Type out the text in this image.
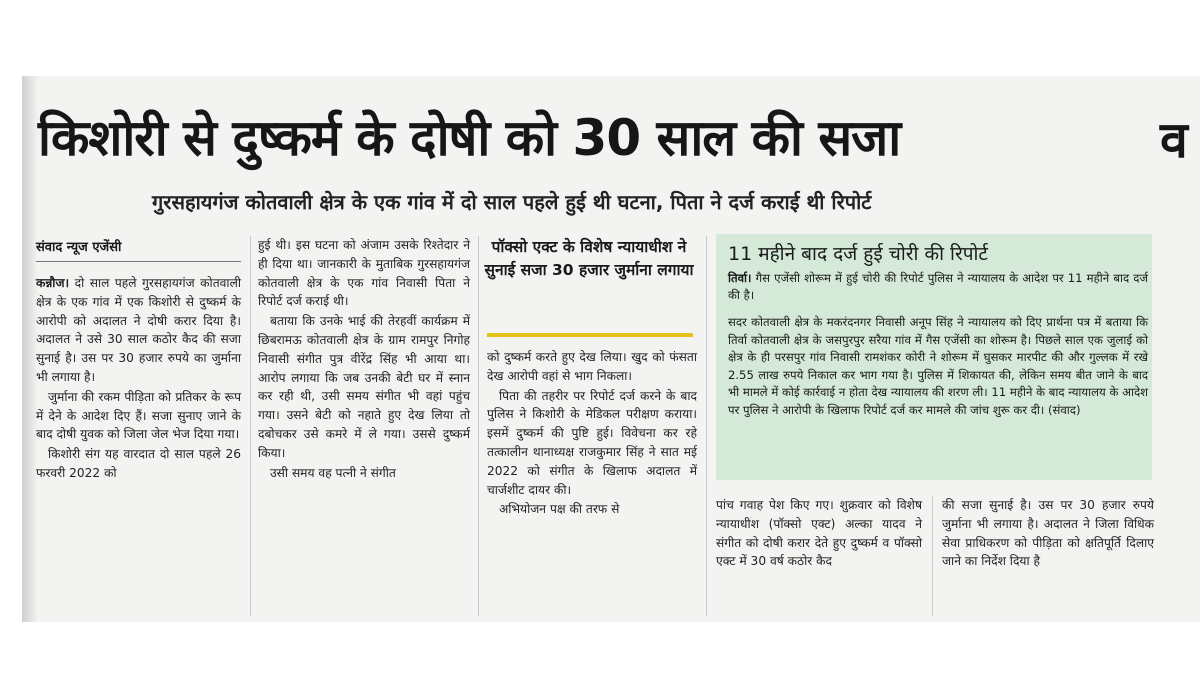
किशोरी से दुष्कर्म के दोषी को 30 साल की सजा	व
गुरसहायगंज कोतवाली क्षेत्र के एक गांव में दो साल पहले हुई थी घटना, पिता ने दर्ज कराई थी रिपोर्ट
संवाद न्यूज एजेंसी

कन्नौज। दो साल पहले गुरसहायगंज कोतवाली क्षेत्र के एक गांव में एक किशोरी से दुष्कर्म के आरोपी को अदालत ने दोषी करार दिया है। अदालत ने उसे 30 साल कठोर कैद की सजा सुनाई है। उस पर 30 हजार रुपये का जुर्माना भी लगाया है।

जुर्माना की रकम पीड़िता को प्रतिकर के रूप में देने के आदेश दिए हैं। सजा सुनाए जाने के बाद दोषी युवक को जिला जेल भेज दिया गया।

किशोरी संग यह वारदात दो साल पहले 26 फरवरी 2022 को

हुई थी। इस घटना को अंजाम उसके रिश्तेदार ने ही दिया था। जानकारी के मुताबिक गुरसहायगंज कोतवाली क्षेत्र के एक गांव निवासी पिता ने रिपोर्ट दर्ज कराई थी।

बताया कि उनके भाई की तेरहवीं कार्यक्रम में छिबरामऊ कोतवाली क्षेत्र के ग्राम रामपुर निगोह निवासी संगीत पुत्र वीरेंद्र सिंह भी आया था। आरोप लगाया कि जब उनकी बेटी घर में स्नान कर रही थी, उसी समय संगीत भी वहां पहुंच गया। उसने बेटी को नहाते हुए देख लिया तो दबोचकर उसे कमरे में ले गया। उससे दुष्कर्म किया।

उसी समय वह पत्नी ने संगीत

पॉक्सो एक्ट के विशेष न्यायाधीश ने सुनाई सजा 30 हजार जुर्माना लगाया

को दुष्कर्म करते हुए देख लिया। खुद को फंसता देख आरोपी वहां से भाग निकला।

पिता की तहरीर पर रिपोर्ट दर्ज करने के बाद पुलिस ने किशोरी के मेडिकल परीक्षण कराया। इसमें दुष्कर्म की पुष्टि हुई। विवेचना कर रहे तत्कालीन थानाध्यक्ष राजकुमार सिंह ने सात मई 2022 को संगीत के खिलाफ अदालत में चार्जशीट दायर की।

अभियोजन पक्ष की तरफ से

11 महीने बाद दर्ज हुई चोरी की रिपोर्ट
तिर्वा। गैस एजेंसी शोरूम में हुई चोरी की रिपोर्ट पुलिस ने न्यायालय के आदेश पर 11 महीने बाद दर्ज की है।
सदर कोतवाली क्षेत्र के मकरंदनगर निवासी अनूप सिंह ने न्यायालय को दिए प्रार्थना पत्र में बताया कि तिर्वा कोतवाली क्षेत्र के जसपुरपुर सरैया गांव में गैस एजेंसी का शोरूम है। पिछले साल एक जुलाई को क्षेत्र के ही परसपुर गांव निवासी रामशंकर कोरी ने शोरूम में घुसकर मारपीट की और गुल्लक में रखे 2.55 लाख रुपये निकाल कर भाग गया है। पुलिस में शिकायत की, लेकिन समय बीत जाने के बाद भी मामले में कोई कार्रवाई न होता देख न्यायालय की शरण ली। 11 महीने के बाद न्यायालय के आदेश पर पुलिस ने आरोपी के खिलाफ रिपोर्ट दर्ज कर मामले की जांच शुरू कर दी। (संवाद)

पांच गवाह पेश किए गए। शुक्रवार को विशेष न्यायाधीश (पॉक्सो एक्ट) अल्का यादव ने संगीत को दोषी करार देते हुए दुष्कर्म व पॉक्सो एक्ट में 30 वर्ष कठोर कैद

की सजा सुनाई है। उस पर 30 हजार रुपये जुर्माना भी लगाया है। अदालत ने जिला विधिक सेवा प्राधिकरण को पीड़िता को क्षतिपूर्ति दिलाए जाने का निर्देश दिया है
